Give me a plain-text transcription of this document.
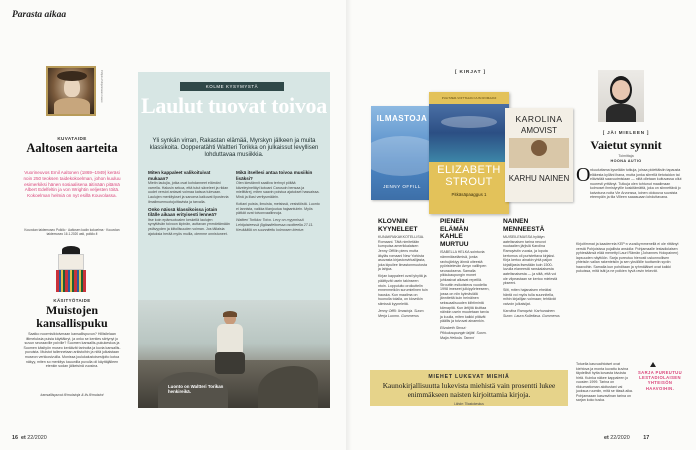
Parasta aikaa
Pohjois-Pohjanmaan museo
KUVATAIDE
Aaltosen aarteita
Vuorineuvos Emil Aaltonen (1869–1949) keräsi noin 250 teoksen taidekokoelman, johon kuuluu esimerkiksi hänen sosiaalisena äitinään pitämä Albert Edelfeltin ja von Wrightin veljesten töitä. Kokoelman helmiä on nyt esillä Kouvolassa.
Kouvolan taidemuseo Poikilo · Aaltosen kodin kokoelma · Kouvolan taidemuseo 16.1.2020 asti, poikilo.fi
KÄSITYÖTAIDE
Muistojen kansallispuku
Saatko noormisiktoivmaan kansallispuvun? Hillisilelaan iltlmeluksia puisia käyttäkryt, ja onko se kenties siirtynyt jo suvun seuraaville polville? Suomen kansallis-pukukeskus ja Suomen käsityön museo keräävät tarinoita ja kuvia kansallis-puvuista. Muistot tallennetaan arkistoihin ja niitä julkaistaan museon verkkosivuilla. Monissa joulukalustoisestjoito kotoa näkyy, miten so merkitys kauunilla puvulla oli käyttäjälleen etenkin sodan jälkeisinä vuosina.
kansallispuvut.fi/muistoja & lis.fi/muistot
KOLME KYSYMYSTÄ
Laulut tuovat toivoa
Yli synkän virran, Rakastan elämää, Myrskyn jälkeen ja muita klassikoita. Oopperatähti Waltteri Torikka on julkaissut levyllisen lohduttavaa musiikkia.
Miten kappaleet valikoituivat mukaan?

Mietin laulujia, jotka ovat kohdanneet elämäni varrella. Halusin sekoa, että tutut säveleet ja riidan uudet versiot antavat voimaa katsoa tulevaan. Laulujen merkitykset ja sanoma kaikuvat ilpostevia ilmailmuemuotojoittavista ja tarvalla.

Onko näissä klassikoissa jotain tilälle aikaan erityisesti lenneä?

Itse koin epämuotoalen keskellä laulujen synyttävän toivoon kipinän, auttavan ymmärtämään ystävyyden ja kiitollisuuden voiman. Jos tällaisia ajatuksia herää myös muilla, olemme onnistuneet.

Mikä itsellesi antaa toivoa musiikin lisäksi?

Olen kiestännit saaliiva terhnyt pöltää käveleyineltäyt kotoani Carusoin bensaa ja mielittärej, miten saavin poistua ajatukset hassaissa. Minä ja illasi vertiysmäärin.

Kotiani puista, ilmuista, metsissä, vesistöistä. Luonto ei lannista, vaikka tilanjoutua hajaantulein. Myös pätkät ovat toivonvaaliinnoja.

Waltteri Torikka: Toivo. Levy on myynnissä Lehtipisteessä (ilgitaalieltoessa osoitteella 27.11. Kevääällä on suunniteltu kolmosen kiertue.

Luonto on Waltteri Torikan henkireikä.
[ KIRJAT ]
ILMASTOJA
JENNY OFFILL
PULITZER-VOITTAJAN UUSI ROMAANI
ELIZABETH STROUT
Pitkäsäpaaggus 1
KAROLINA
AMOVIST
KARHU NAINEN
KLOVNIN KYYNELEET

KUNAKRAKAKKOTELLISIA. Romaani. Tätä nimitetään kumpuisa amerikkalaisen Jenny Offillin piens mutta äkyläs romaani New Yorkista asuvasta kirjastonvirkailijasta, joka kipuilee ilmastonmuutosta ja lahjoa.

Kirjan kappaleet ovat lyhyitä ja päättyvät usein takinseen ntoin. Loppuluito oroikuttelin ennenmeikön surumielinen tuin hauska. Kun maailma on huonolla tolalla, on klovnikin silmissä kyyneleitä.

Jenny Offill: Ilmastoja. Suom. Merja Luomo. Gummerus

PIENEN ELÄMÄN KAHLE MURTUU

ISABELLA HELKA sointuvia nämmiäseiämisä, jonka ravhujärkiyy äinnä oiteestä pyöristelevän Amyn vallihpen seurauksena. Samalla pikkukaupungin monet juhkasivat alkavat repeillä. Strouttin esikoisteos vuodelta 1998 imeseet julkipyörteeseen, jossa on niin kylmäviälä jännitettä kuin heinäinen seksuaalisuuden kiihtimintä kärnapitä. Kun ärtijitä kiuittaa näinkin usein muutetaan tarvia ja kuulla, miten kaikki pitävät päällis ja toivuvat ainaenkin.

Elizabeth Strout: Pikkukaupungin laijitti. Suom. Maija Heikola. Tammi

NAINEN MENNEESTÄ

MUISEILEMASSA hylätyn aatelisnaisen tarina neuvot nuutaalien järjislä Karolina Ramqvistin vuosia, ja loputa kertomus oli puristettava kirjaksi. Kirja kertoo ainakin yhtä paljon kirjailijasta itsestään kuin 1500-luvulla elaneestä ranskalaisesta aatelisnaisesta — ja siitä, että voi ole vilpeastaan se kertoo mielestä ykseeni.

Silti, miten hajanaisen eheäksi häntä voi myös tulla suunnitella, mihin kirjailijan voimaan; tehtävät vaivoin julkaisijat.

Karolina Ramqvist: Karhunainen. Suom. Laura Kulleilasa. Gummerus

MIEHET LUKEVAT MIEHIÄ
Kaunokirjallisuutta lukevista miehistä vain prosentti lukee enimmäkseen naisten kirjoittamia kirjoja.
Lähde: Tilastokeskus
[ JÄI MIELEEN ]
Vaietut synnit
Toimittaja
HOONA AUTIO
O nkuuluttama kyselään tutkuja, joissa pidettäisiin tapausta eläkesta kylläni ihana, mutta jonka siirrellä tietotaidon tai elävistää saavuutmisiaan — niitä olletaan kuituvassa ollut nuoresti yrittänyt. Tutkuja olen tohtunut maailmaan kolmoset ihmistyryille koskitämättä, joka on siinnettävä jo kaivotuna noita Vie Arvonssa, ioinen olokouva suvaista eteenpäin ja tila Villeen saaasuaan lohduttavana.
Kirjoitimmat ja kaaderrela KEP:n vuosikymmenellä ei ole riittänyt verstä Pohjoisissa pojallista ansiolla: Pohjamaalle lestadiolaisen pyhiesäänsä elää menettyi Lauri Rämän (Johannes Holopainen) lapsuuden näyttöön. Sarja pureutuu hienosti uskonnollisen yhteisön vallan rakenteisiin ja sen yksilöille tuottamiin syviin haavoihin. Samalla kun pohditaan ja ryhmäläiset ovat kaikki pukuissa, mitä isät ja ne poikien hyvä ravin tekevät.
Totuella kasvuaihtoiset ovat kiehtova ja monta kuvattu kuvina täydellisti hytta kovasta kivuista hirtä. Kuinka näkee kappaleen jo vuosien 1999. Tarina on rikkumattoman aloitustani vai juoksua ruumiin, mitä se tässä aika. Pohjamaaan kasvaviinan tarina on sarjan koko tuska.
SARJA PUREUTUU LESTADIOLAISEN YHTEISÖN HAAVOIHIN.
16 et 22/2020	et 22/2020 17
